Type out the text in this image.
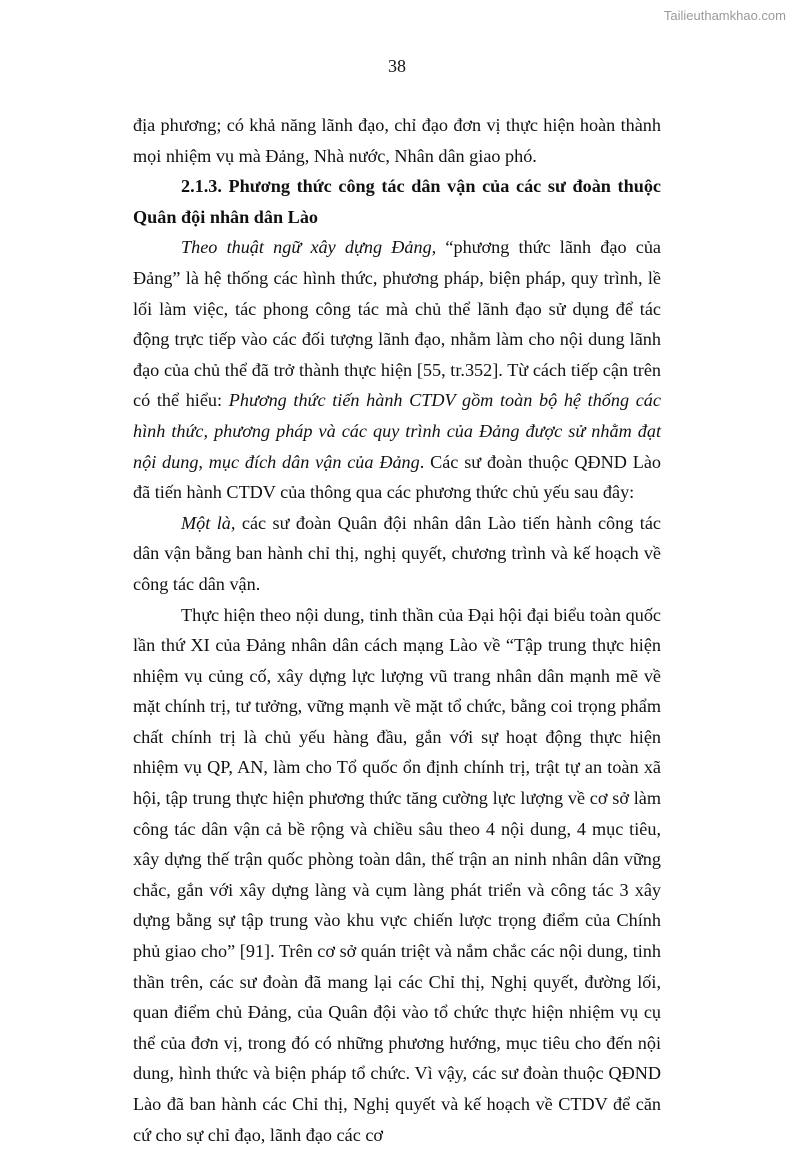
Tailieuthamkhao.com
38

địa phương; có khả năng lãnh đạo, chỉ đạo đơn vị thực hiện hoàn thành mọi nhiệm vụ mà Đảng, Nhà nước, Nhân dân giao phó.

2.1.3. Phương thức công tác dân vận của các sư đoàn thuộc Quân đội nhân dân Lào

Theo thuật ngữ xây dựng Đảng, “phương thức lãnh đạo của Đảng” là hệ thống các hình thức, phương pháp, biện pháp, quy trình, lề lối làm việc, tác phong công tác mà chủ thể lãnh đạo sử dụng để tác động trực tiếp vào các đối tượng lãnh đạo, nhằm làm cho nội dung lãnh đạo của chủ thể đã trở thành thực hiện [55, tr.352]. Từ cách tiếp cận trên có thể hiểu: Phương thức tiến hành CTDV gồm toàn bộ hệ thống các hình thức, phương pháp và các quy trình của Đảng được sử nhằm đạt nội dung, mục đích dân vận của Đảng. Các sư đoàn thuộc QĐND Lào đã tiến hành CTDV của thông qua các phương thức chủ yếu sau đây:

Một là, các sư đoàn Quân đội nhân dân Lào tiến hành công tác dân vận bằng ban hành chỉ thị, nghị quyết, chương trình và kế hoạch về công tác dân vận.

Thực hiện theo nội dung, tinh thần của Đại hội đại biểu toàn quốc lần thứ XI của Đảng nhân dân cách mạng Lào về “Tập trung thực hiện nhiệm vụ củng cố, xây dựng lực lượng vũ trang nhân dân mạnh mẽ về mặt chính trị, tư tưởng, vững mạnh về mặt tổ chức, bằng coi trọng phẩm chất chính trị là chủ yếu hàng đầu, gắn với sự hoạt động thực hiện nhiệm vụ QP, AN, làm cho Tổ quốc ổn định chính trị, trật tự an toàn xã hội, tập trung thực hiện phương thức tăng cường lực lượng về cơ sở làm công tác dân vận cả bề rộng và chiều sâu theo 4 nội dung, 4 mục tiêu, xây dựng thế trận quốc phòng toàn dân, thế trận an ninh nhân dân vững chắc, gắn với xây dựng làng và cụm làng phát triển và công tác 3 xây dựng bằng sự tập trung vào khu vực chiến lược trọng điểm của Chính phủ giao cho” [91]. Trên cơ sở quán triệt và nắm chắc các nội dung, tinh thần trên, các sư đoàn đã mang lại các Chỉ thị, Nghị quyết, đường lối, quan điểm chủ Đảng, của Quân đội vào tổ chức thực hiện nhiệm vụ cụ thể của đơn vị, trong đó có những phương hướng, mục tiêu cho đến nội dung, hình thức và biện pháp tổ chức. Vì vậy, các sư đoàn thuộc QĐND Lào đã ban hành các Chỉ thị, Nghị quyết và kế hoạch về CTDV để căn cứ cho sự chỉ đạo, lãnh đạo các cơ
